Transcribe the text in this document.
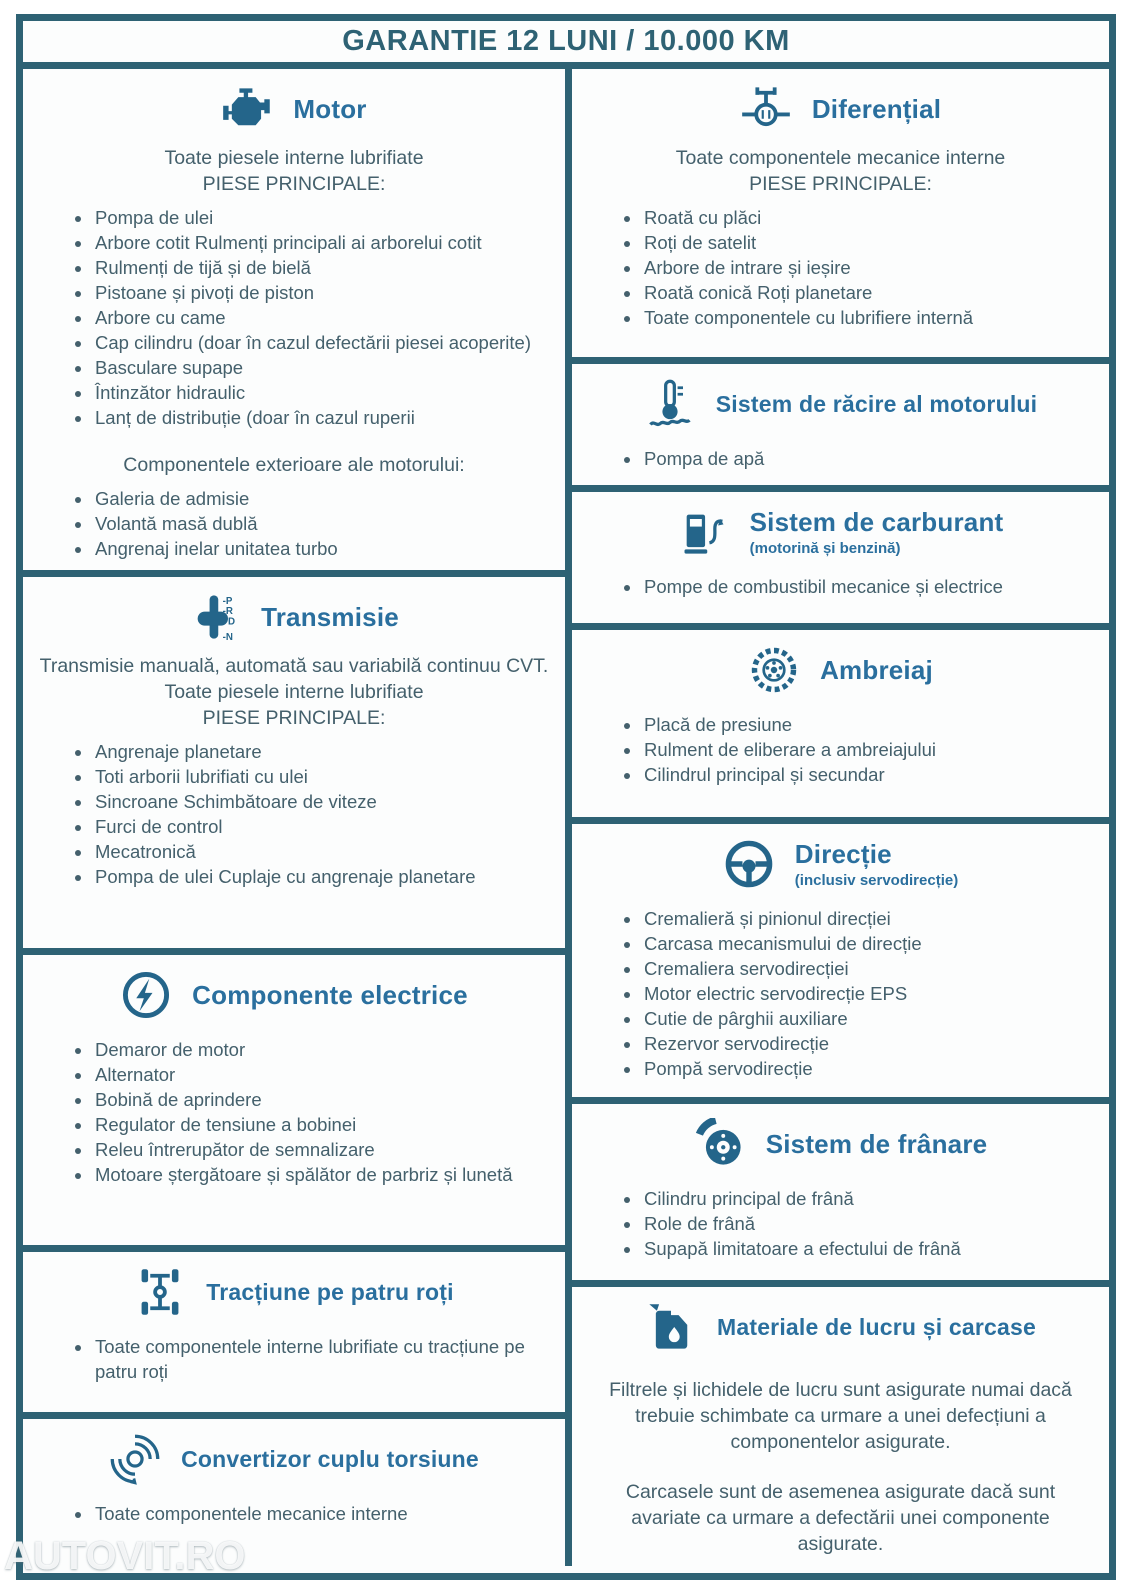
GARANTIE 12 LUNI / 10.000 KM
Motor
Toate piesele interne lubrifiate
PIESE PRINCIPALE:
• Pompa de ulei
• Arbore cotit Rulmenți principali ai arborelui cotit
• Rulmenți de tijă și de bielă
• Pistoane și pivoți de piston
• Arbore cu came
• Cap cilindru (doar în cazul defectării piesei acoperite)
• Basculare supape
• Întinzător hidraulic
• Lanț de distribuție (doar în cazul ruperii
Componentele exterioare ale motorului:
• Galeria de admisie
• Volantă masă dublă
• Angrenaj inelar unitatea turbo
-P
-R
D
-N
Transmisie
Transmisie manuală, automată sau variabilă continuu CVT.
Toate piesele interne lubrifiate
PIESE PRINCIPALE:
• Angrenaje planetare
• Toti arborii lubrifiati cu ulei
• Sincroane Schimbătoare de viteze
• Furci de control
• Mecatronică
• Pompa de ulei Cuplaje cu angrenaje planetare
Componente electrice
• Demaror de motor
• Alternator
• Bobină de aprindere
• Regulator de tensiune a bobinei
• Releu întrerupător de semnalizare
• Motoare ștergătoare și spălător de parbriz și lunetă
Tracțiune pe patru roți
• Toate componentele interne lubrifiate cu tracțiune pe patru roți
Convertizor cuplu torsiune
• Toate componentele mecanice interne
Diferențial
Toate componentele mecanice interne
PIESE PRINCIPALE:
• Roată cu plăci
• Roți de satelit
• Arbore de intrare și ieșire
• Roată conică Roți planetare
• Toate componentele cu lubrifiere internă
Sistem de răcire al motorului
• Pompa de apă
Sistem de carburant
(motorină și benzină)
• Pompe de combustibil mecanice și electrice
Ambreiaj
• Placă de presiune
• Rulment de eliberare a ambreiajului
• Cilindrul principal și secundar
Direcție
(inclusiv servodirecție)
• Cremalieră și pinionul direcției
• Carcasa mecanismului de direcție
• Cremaliera servodirecției
• Motor electric servodirecție EPS
• Cutie de pârghii auxiliare
• Rezervor servodirecție
• Pompă servodirecție
Sistem de frânare
• Cilindru principal de frână
• Role de frână
• Supapă limitatoare a efectului de frână
Materiale de lucru și carcase
Filtrele și lichidele de lucru sunt asigurate numai dacă trebuie schimbate ca urmare a unei defecțiuni a componentelor asigurate.
Carcasele sunt de asemenea asigurate dacă sunt avariate ca urmare a defectării unei componente asigurate.
AUTOVIT.RO
